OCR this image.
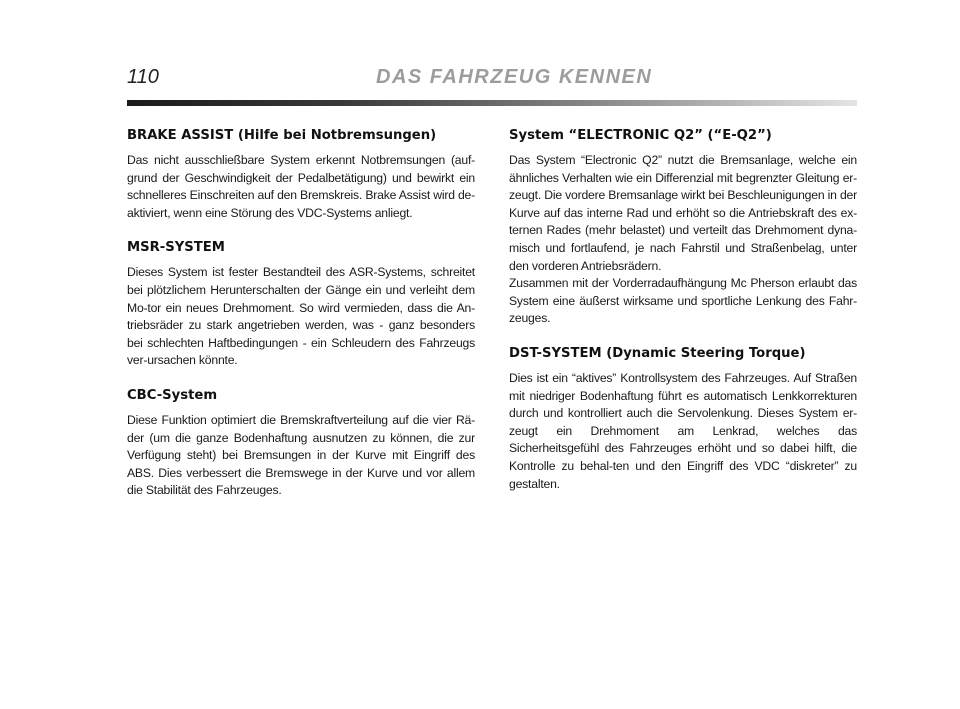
110	DAS FAHRZEUG KENNEN
BRAKE ASSIST (Hilfe bei Notbremsungen)

Das nicht ausschließbare System erkennt Notbremsungen (auf-grund der Geschwindigkeit der Pedalbetätigung) und bewirkt ein schnelleres Einschreiten auf den Bremskreis. Brake Assist wird de-aktiviert, wenn eine Störung des VDC-Systems anliegt.

MSR-SYSTEM

Dieses System ist fester Bestandteil des ASR-Systems, schreitet bei plötzlichem Herunterschalten der Gänge ein und verleiht dem Mo-tor ein neues Drehmoment. So wird vermieden, dass die An-triebsräder zu stark angetrieben werden, was - ganz besonders bei schlechten Haftbedingungen - ein Schleudern des Fahrzeugs ver-ursachen könnte.

CBC-System

Diese Funktion optimiert die Bremskraftverteilung auf die vier Rä-der (um die ganze Bodenhaftung ausnutzen zu können, die zur Verfügung steht) bei Bremsungen in der Kurve mit Eingriff des ABS. Dies verbessert die Bremswege in der Kurve und vor allem die Stabilität des Fahrzeuges.

System “ELECTRONIC Q2” (“E-Q2”)

Das System “Electronic Q2” nutzt die Bremsanlage, welche ein ähnliches Verhalten wie ein Differenzial mit begrenzter Gleitung er-zeugt. Die vordere Bremsanlage wirkt bei Beschleunigungen in der Kurve auf das interne Rad und erhöht so die Antriebskraft des ex-ternen Rades (mehr belastet) und verteilt das Drehmoment dyna-misch und fortlaufend, je nach Fahrstil und Straßenbelag, unter den vorderen Antriebsrädern.

Zusammen mit der Vorderradaufhängung Mc Pherson erlaubt das System eine äußerst wirksame und sportliche Lenkung des Fahr-zeuges.

DST-SYSTEM (Dynamic Steering Torque)

Dies ist ein “aktives” Kontrollsystem des Fahrzeuges. Auf Straßen mit niedriger Bodenhaftung führt es automatisch Lenkkorrekturen durch und kontrolliert auch die Servolenkung. Dieses System er-zeugt ein Drehmoment am Lenkrad, welches das Sicherheitsgefühl des Fahrzeuges erhöht und so dabei hilft, die Kontrolle zu behal-ten und den Eingriff des VDC “diskreter” zu gestalten.
